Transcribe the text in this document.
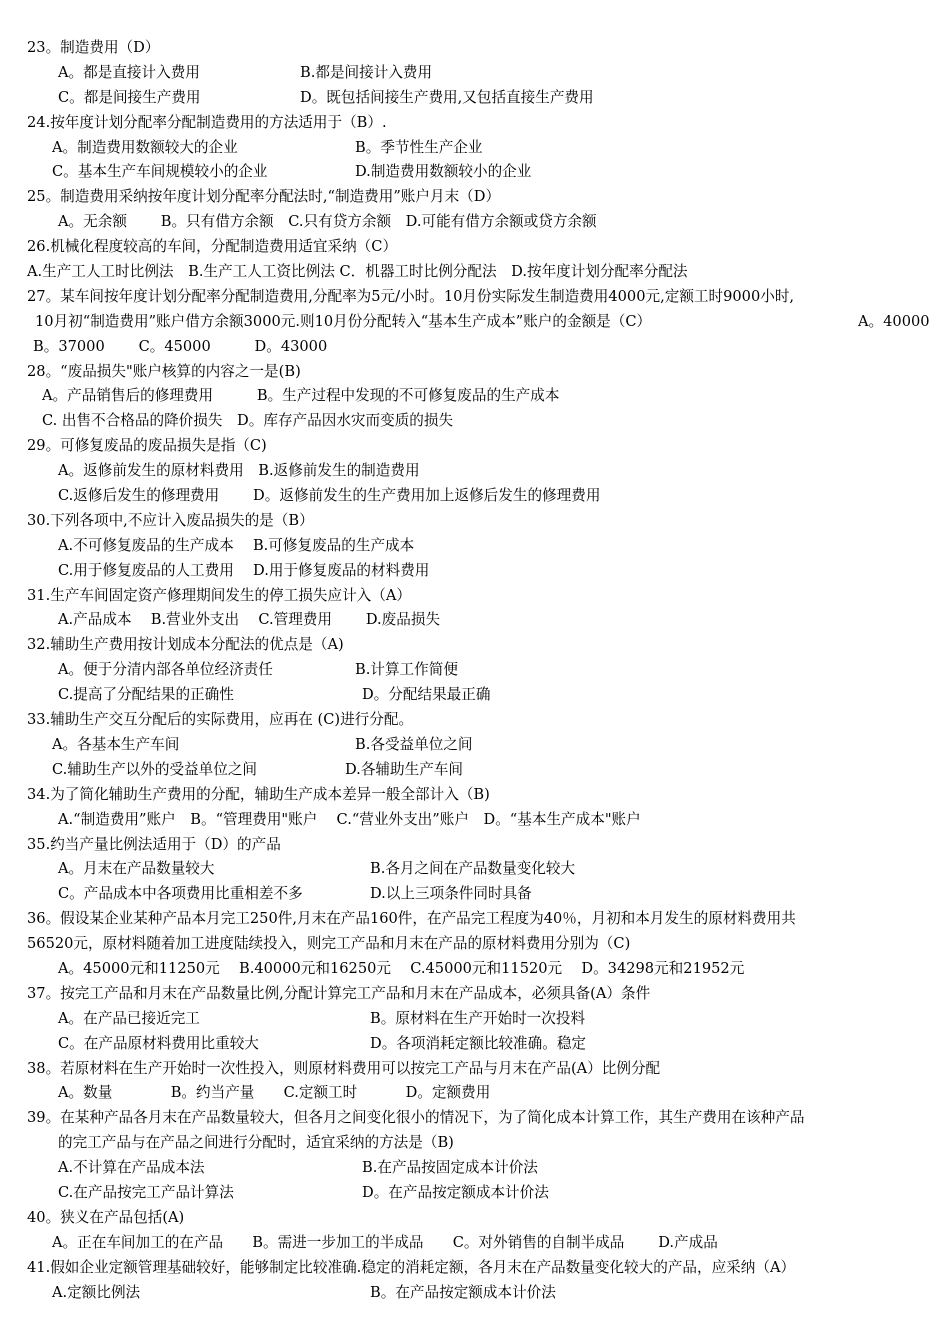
23。制造费用（D）
A。都是直接计入费用	B.都是间接计入费用
C。都是间接生产费用	D。既包括间接生产费用,又包括直接生产费用
24.按年度计划分配率分配制造费用的方法适用于（B）.
A。制造费用数额较大的企业	B。季节性生产企业
C。基本生产车间规模较小的企业	D.制造费用数额较小的企业
25。制造费用采纳按年度计划分配率分配法时,“制造费用”账户月末（D）
A。无余额　 　B。只有借方余额　C.只有贷方余额　D.可能有借方余额或贷方余额
26.机械化程度较高的车间，分配制造费用适宜采纳（C）
A.生产工人工时比例法　B.生产工人工资比例法 C．机器工时比例分配法　D.按年度计划分配率分配法
27。某车间按年度计划分配率分配制造费用,分配率为5元/小时。10月份实际发生制造费用4000元,定额工时9000小时,
10月初“制造费用”账户借方余额3000元.则10月份分配转入“基本生产成本”账户的金额是（C）	A。40000
B。37000　　 C。45000　　　D。43000
28。“废品损失"账户核算的内容之一是(B)
A。产品销售后的修理费用　　　B。生产过程中发现的不可修复废品的生产成本
C. 出售不合格品的降价损失　D。库存产品因水灾而变质的损失
29。可修复废品的废品损失是指（C)
A。返修前发生的原材料费用　B.返修前发生的制造费用
C.返修后发生的修理费用　　 D。返修前发生的生产费用加上返修后发生的修理费用
30.下列各项中,不应计入废品损失的是（B）
A.不可修复废品的生产成本　 B.可修复废品的生产成本
C.用于修复废品的人工费用　 D.用于修复废品的材料费用
31.生产车间固定资产修理期间发生的停工损失应计入（A）
A.产品成本　 B.营业外支出　 C.管理费用　　 D.废品损失
32.辅助生产费用按计划成本分配法的优点是（A)
A。便于分清内部各单位经济责任	B.计算工作简便
C.提高了分配结果的正确性	D。分配结果最正确
33.辅助生产交互分配后的实际费用，应再在 (C)进行分配。
A。各基本生产车间	B.各受益单位之间
C.辅助生产以外的受益单位之间	D.各辅助生产车间
34.为了简化辅助生产费用的分配，辅助生产成本差异一般全部计入（B)
A.“制造费用”账户　B。“管理费用"账户　 C.“营业外支出”账户　D。“基本生产成本"账户
35.约当产量比例法适用于（D）的产品
A。月末在产品数量较大	B.各月之间在产品数量变化较大
C。产品成本中各项费用比重相差不多	D.以上三项条件同时具备
36。假设某企业某种产品本月完工250件,月末在产品160件，在产品完工程度为40％，月初和本月发生的原材料费用共
56520元，原材料随着加工进度陆续投入，则完工产品和月末在产品的原材料费用分别为（C)
A。45000元和11250元　 B.40000元和16250元　 C.45000元和11520元　 D。34298元和21952元
37。按完工产品和月末在产品数量比例,分配计算完工产品和月末在产品成本，必须具备(A）条件
A。在产品已接近完工	B。原材料在生产开始时一次投料
C。在产品原材料费用比重较大	D。各项消耗定额比较准确。稳定
38。若原材料在生产开始时一次性投入，则原材料费用可以按完工产品与月末在产品(A）比例分配
A。数量　　　　B。约当产量　　C.定额工时　　　 D。定额费用
39。在某种产品各月末在产品数量较大，但各月之间变化很小的情况下，为了简化成本计算工作，其生产费用在该种产品
的完工产品与在产品之间进行分配时，适宜采纳的方法是（B)
A.不计算在产品成本法	B.在产品按固定成本计价法
C.在产品按完工产品计算法	D。在产品按定额成本计价法
40。狭义在产品包括(A)
A。正在车间加工的在产品　　B。需进一步加工的半成品　　C。对外销售的自制半成品　　 D.产成品
41.假如企业定额管理基础较好，能够制定比较准确.稳定的消耗定额，各月末在产品数量变化较大的产品，应采纳（A）
A.定额比例法	B。在产品按定额成本计价法
